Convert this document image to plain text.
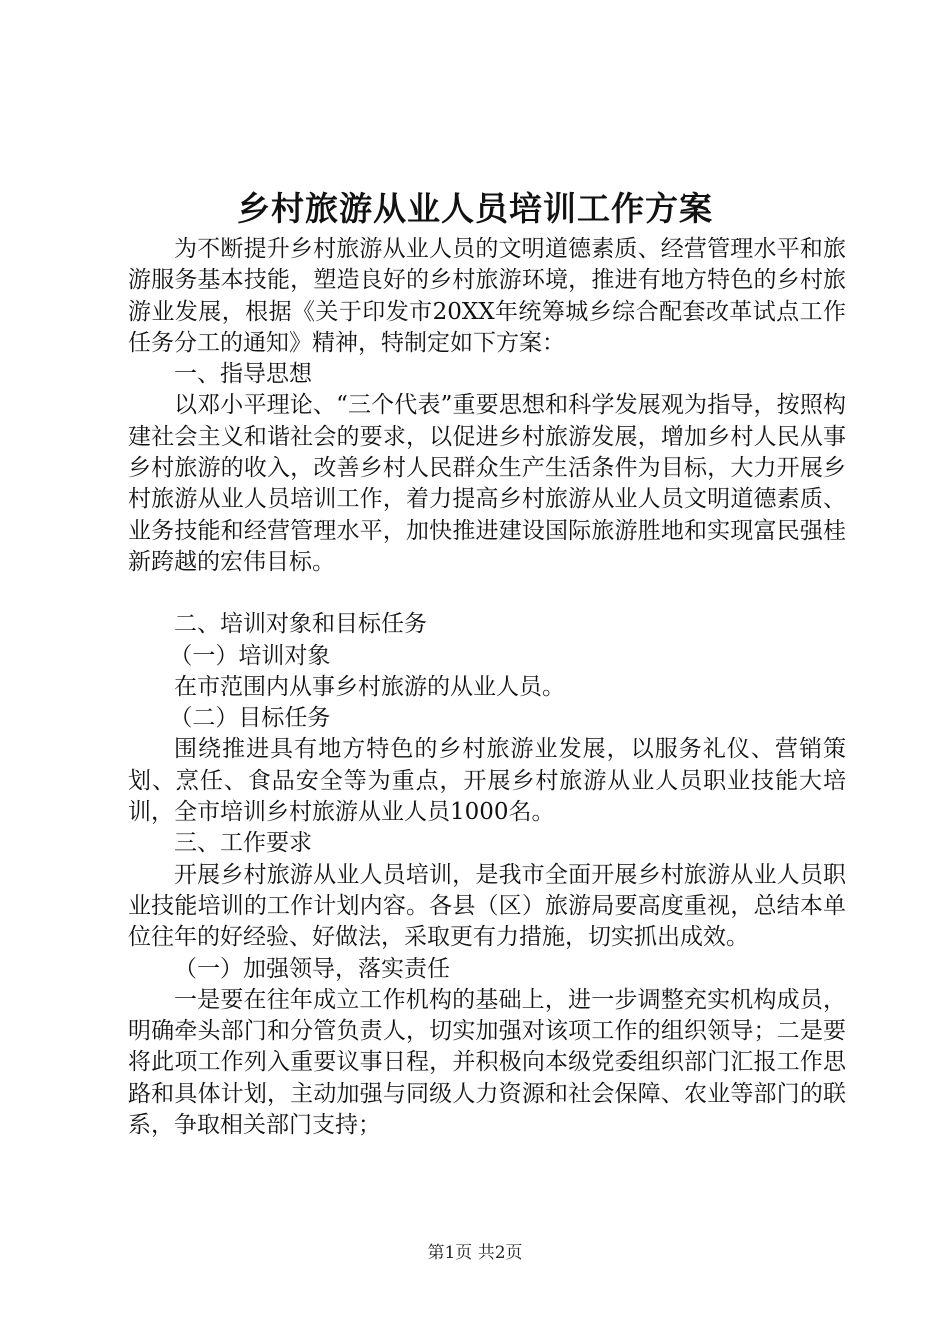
乡村旅游从业人员培训工作方案

为不断提升乡村旅游从业人员的文明道德素质、经营管理水平和旅游服务基本技能，塑造良好的乡村旅游环境，推进有地方特色的乡村旅游业发展，根据《关于印发市20XX年统筹城乡综合配套改革试点工作任务分工的通知》精神，特制定如下方案：

一、指导思想

以邓小平理论、“三个代表”重要思想和科学发展观为指导，按照构建社会主义和谐社会的要求，以促进乡村旅游发展，增加乡村人民从事乡村旅游的收入，改善乡村人民群众生产生活条件为目标，大力开展乡村旅游从业人员培训工作，着力提高乡村旅游从业人员文明道德素质、业务技能和经营管理水平，加快推进建设国际旅游胜地和实现富民强桂新跨越的宏伟目标。

二、培训对象和目标任务

（一）培训对象

在市范围内从事乡村旅游的从业人员。

（二）目标任务

围绕推进具有地方特色的乡村旅游业发展，以服务礼仪、营销策划、烹任、食品安全等为重点，开展乡村旅游从业人员职业技能大培训，全市培训乡村旅游从业人员1000名。

三、工作要求

开展乡村旅游从业人员培训，是我市全面开展乡村旅游从业人员职业技能培训的工作计划内容。各县（区）旅游局要高度重视，总结本单位往年的好经验、好做法，采取更有力措施，切实抓出成效。

（一）加强领导，落实责任

一是要在往年成立工作机构的基础上，进一步调整充实机构成员，明确牵头部门和分管负责人，切实加强对该项工作的组织领导；二是要将此项工作列入重要议事日程，并积极向本级党委组织部门汇报工作思路和具体计划，主动加强与同级人力资源和社会保障、农业等部门的联系，争取相关部门支持；

第1页 共2页
